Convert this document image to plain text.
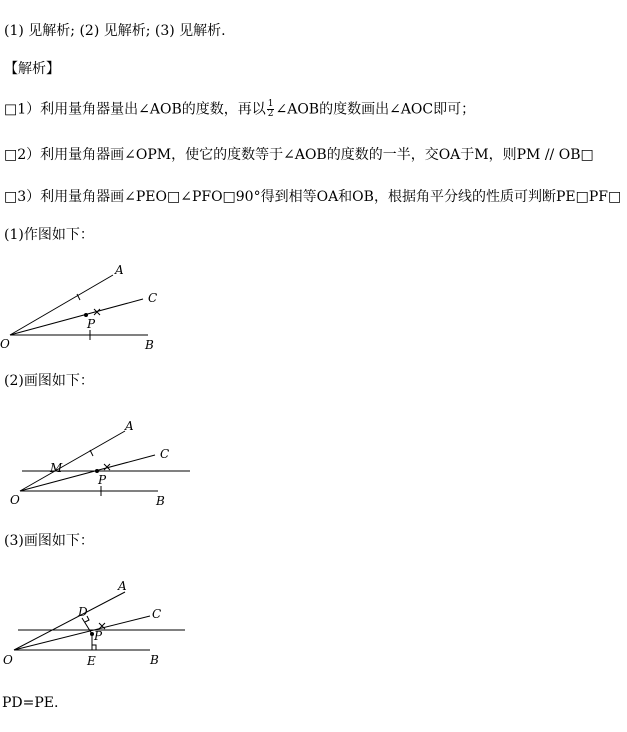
(1) 见解析; (2) 见解析; (3) 见解析.
【解析】
□1）利用量角器量出∠AOB的度数，再以 $\frac{1}{2}$ ∠AOB的度数画出∠AOC即可；
□2）利用量角器画∠OPM，使它的度数等于∠AOB的度数的一半，交OA于M，则PM // OB□
□3）利用量角器画∠PEO□∠PFO□90°得到相等OA和OB，根据角平分线的性质可判断PE□PF□
(1)作图如下：
A
C
P
O	B
(2)画图如下：
A
C
M
P
O	B
(3)画图如下：
A
C
D
P
O	E	B
PD=PE.
